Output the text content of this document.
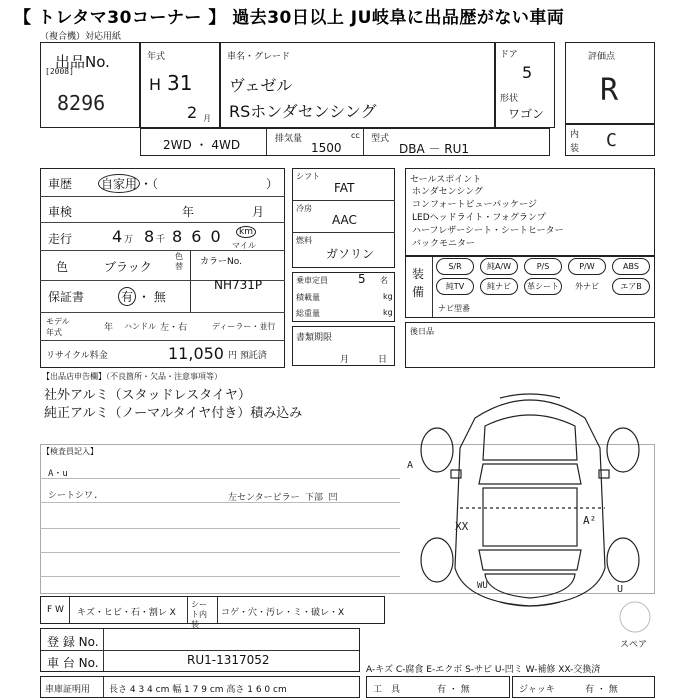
【 トレタマ30コーナー 】 過去30日以上 JU岐阜に出品歴がない車両
（複合機）対応用紙
出品No.
[2008]
8296
年式
H 31
2 月
車名・グレード
ヴェゼル
RSホンダセンシング
ドア
5
形状
ワゴン
評価点
R
内
装 C
2WD ・ 4WD	排気量	cc
1500
型式
DBA － RU1
車歴 自家用 ・（　　　　　　　　　）
車検	年	月
走行 4 万 8 千 8 6 0	km
マイル
色	ブラック
色替 カラーNo.
NH731P
保証書	有 ・ 無
モデル年式	年 ハンドル 左・右	ディーラー・並行
リサイクル料金	11,050 円 預託済
シフト
FAT
冷房
AAC
燃料
ガソリン
乗車定員	5 名
積載量	kg
総重量	kg
書類期限
月	日
セールスポイント
ホンダセンシング
コンフォートビューパッケージ
LEDヘッドライト・フォグランプ
ハーフレザーシート・シートヒーター
バックモニター
装
備
S/R	純A/W	P/S	P/W	ABS
純TV	純ナビ	革シート	外ナビ	エアB
ナビ型番
後日品
【出品店申告欄】（不良箇所・欠品・注意事項等）
社外アルミ（スタッドレスタイヤ）
純正アルミ（ノーマルタイヤ付き）積み込み
【検査員記入】
A・u
シートシワ.	左センターピラー 下部 凹
XX	A²
WU	U
A
F W キズ・ヒビ・石・割レ X
シート内装
コゲ・穴・汚レ・ミ・破レ・X
スペア
登 録 No.
車 台 No.	RU1-1317052
車庫証明用 長さ 4 3 4 cm 幅 1 7 9 cm 高さ 1 6 0 cm
A-キズ C-腐食 E-エクボ S-サビ U-凹ミ W-補修 XX-交換済
工　具	有 ・ 無	ジャッキ	有 ・ 無
